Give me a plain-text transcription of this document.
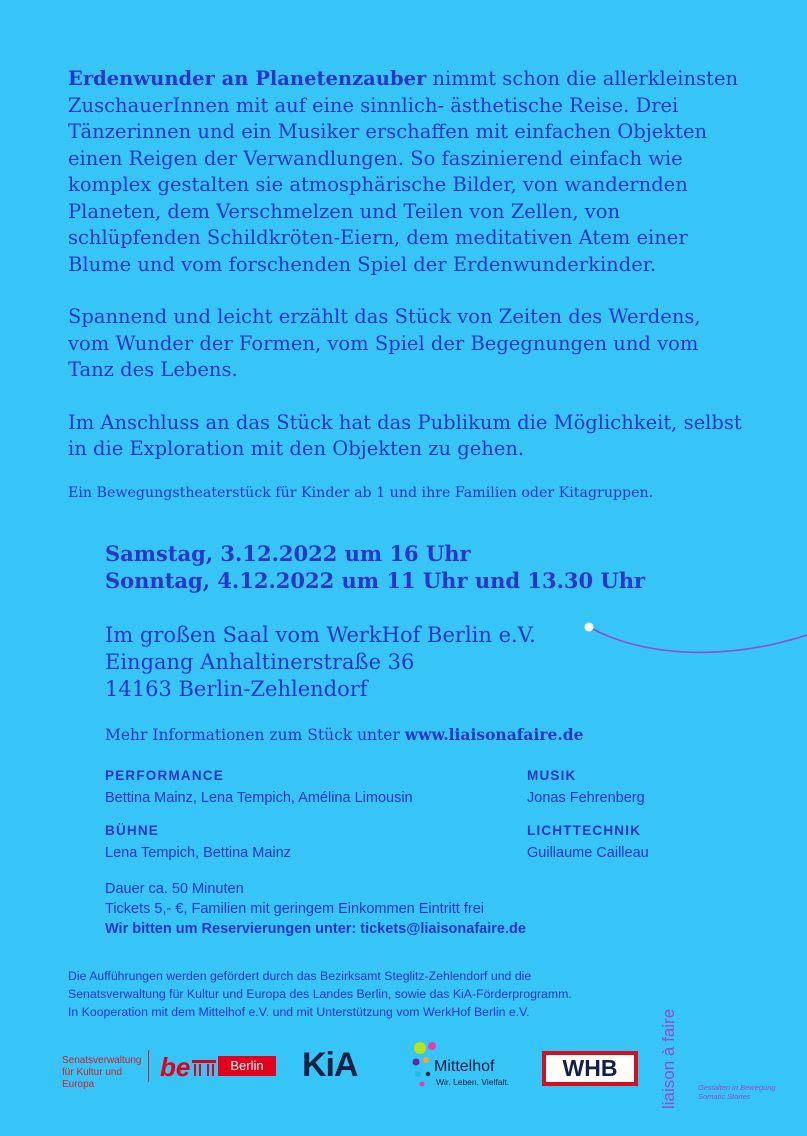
Erdenwunder an Planetenzauber nimmt schon die allerkleinsten ZuschauerInnen mit auf eine sinnlich- ästhetische Reise. Drei Tänzerinnen und ein Musiker erschaffen mit einfachen Objekten einen Reigen der Verwandlungen. So faszinierend einfach wie komplex gestalten sie atmosphärische Bilder, von wandernden Planeten, dem Verschmelzen und Teilen von Zellen, von schlüpfenden Schildkröten-Eiern, dem meditativen Atem einer Blume und vom forschenden Spiel der Erdenwunderkinder.

Spannend und leicht erzählt das Stück von Zeiten des Werdens, vom Wunder der Formen, vom Spiel der Begegnungen und vom Tanz des Lebens.

Im Anschluss an das Stück hat das Publikum die Möglichkeit, selbst in die Exploration mit den Objekten zu gehen.

Ein Bewegungstheaterstück für Kinder ab 1 und ihre Familien oder Kitagruppen.
Samstag, 3.12.2022 um 16 Uhr
Sonntag, 4.12.2022 um 11 Uhr und 13.30 Uhr
Im großen Saal vom WerkHof Berlin e.V.
Eingang Anhaltinerstraße 36
14163 Berlin-Zehlendorf
Mehr Informationen zum Stück unter www.liaisonafaire.de
PERFORMANCE
Bettina Mainz, Lena Tempich, Amélina Limousin
MUSIK
Jonas Fehrenberg
BÜHNE
Lena Tempich, Bettina Mainz
LICHTTECHNIK
Guillaume Cailleau
Dauer ca. 50 Minuten
Tickets 5,- €, Familien mit geringem Einkommen Eintritt frei
Wir bitten um Reservierungen unter: tickets@liaisonafaire.de
Die Aufführungen werden gefördert durch das Bezirksamt Steglitz-Zehlendorf und die
Senatsverwaltung für Kultur und Europa des Landes Berlin, sowie das KiA-Förderprogramm.
In Kooperation mit dem Mittelhof e.V. und mit Unterstützung vom WerkHof Berlin e.V.
Senatsverwaltung
für Kultur und Europa
be	Berlin	KiA	Mittelhof
Wir. Leben. Vielfalt.
WHB	liaison à faire	Gestalten in Bewegung
Somatic Stories
